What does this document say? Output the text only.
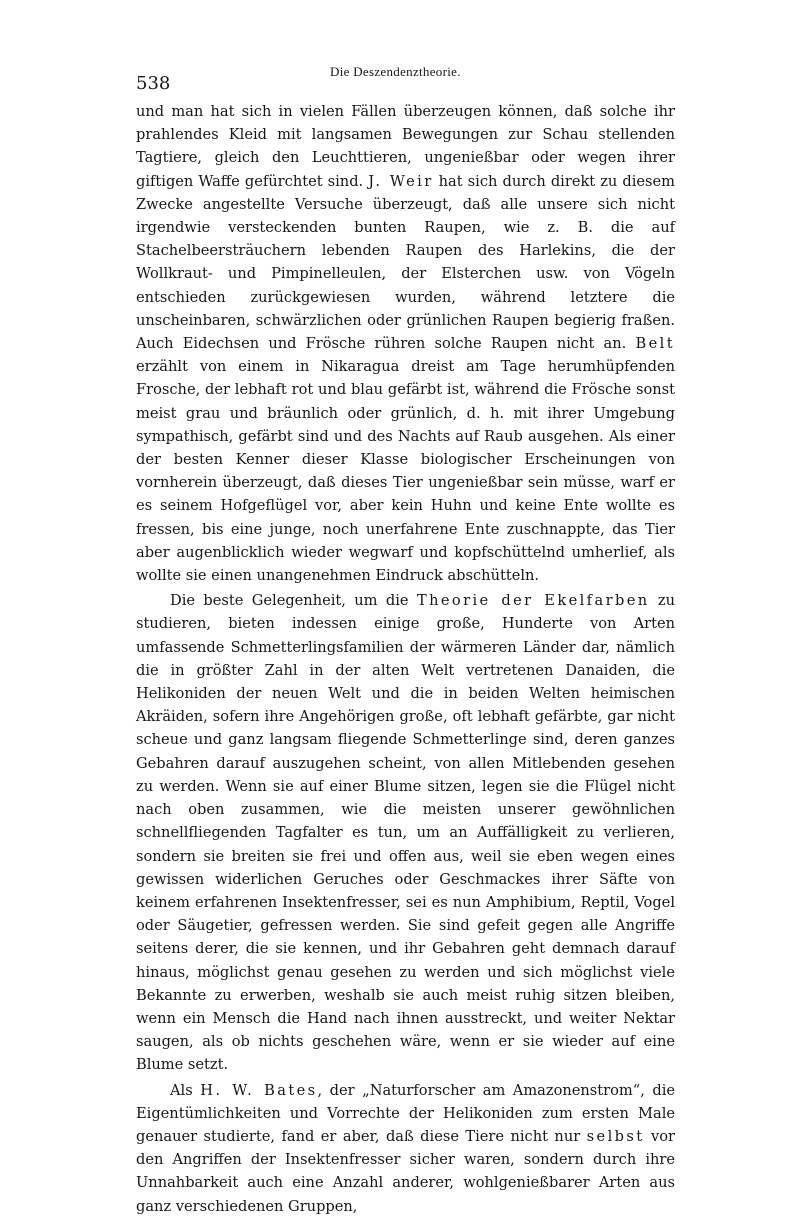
538
Die Deszendenztheorie.

und man hat sich in vielen Fällen überzeugen können, daß solche ihr prahlendes Kleid mit langsamen Bewegungen zur Schau stellenden Tagtiere, gleich den Leuchttieren, ungenießbar oder wegen ihrer giftigen Waffe gefürchtet sind. J. Weir hat sich durch direkt zu diesem Zwecke angestellte Versuche überzeugt, daß alle unsere sich nicht irgendwie versteckenden bunten Raupen, wie z. B. die auf Stachelbeersträuchern lebenden Raupen des Harlekins, die der Wollkraut- und Pimpinelleulen, der Elsterchen usw. von Vögeln entschieden zurückgewiesen wurden, während letztere die unscheinbaren, schwärzlichen oder grünlichen Raupen begierig fraßen. Auch Eidechsen und Frösche rühren solche Raupen nicht an. Belt erzählt von einem in Nikaragua dreist am Tage herumhüpfenden Frosche, der lebhaft rot und blau gefärbt ist, während die Frösche sonst meist grau und bräunlich oder grünlich, d. h. mit ihrer Umgebung sympathisch, gefärbt sind und des Nachts auf Raub ausgehen. Als einer der besten Kenner dieser Klasse biologischer Erscheinungen von vornherein überzeugt, daß dieses Tier ungenießbar sein müsse, warf er es seinem Hofgeflügel vor, aber kein Huhn und keine Ente wollte es fressen, bis eine junge, noch unerfahrene Ente zuschnappte, das Tier aber augenblicklich wieder wegwarf und kopfschüttelnd umherlief, als wollte sie einen unangenehmen Eindruck abschütteln.

Die beste Gelegenheit, um die Theorie der Ekelfarben zu studieren, bieten indessen einige große, Hunderte von Arten umfassende Schmetterlingsfamilien der wärmeren Länder dar, nämlich die in größter Zahl in der alten Welt vertretenen Danaiden, die Helikoniden der neuen Welt und die in beiden Welten heimischen Akräiden, sofern ihre Angehörigen große, oft lebhaft gefärbte, gar nicht scheue und ganz langsam fliegende Schmetterlinge sind, deren ganzes Gebahren darauf auszugehen scheint, von allen Mitlebenden gesehen zu werden. Wenn sie auf einer Blume sitzen, legen sie die Flügel nicht nach oben zusammen, wie die meisten unserer gewöhnlichen schnellfliegenden Tagfalter es tun, um an Auffälligkeit zu verlieren, sondern sie breiten sie frei und offen aus, weil sie eben wegen eines gewissen widerlichen Geruches oder Geschmackes ihrer Säfte von keinem erfahrenen Insektenfresser, sei es nun Amphibium, Reptil, Vogel oder Säugetier, gefressen werden. Sie sind gefeit gegen alle Angriffe seitens derer, die sie kennen, und ihr Gebahren geht demnach darauf hinaus, möglichst genau gesehen zu werden und sich möglichst viele Bekannte zu erwerben, weshalb sie auch meist ruhig sitzen bleiben, wenn ein Mensch die Hand nach ihnen ausstreckt, und weiter Nektar saugen, als ob nichts geschehen wäre, wenn er sie wieder auf eine Blume setzt.

Als H. W. Bates, der „Naturforscher am Amazonenstrom“, die Eigentümlichkeiten und Vorrechte der Helikoniden zum ersten Male genauer studierte, fand er aber, daß diese Tiere nicht nur selbst vor den Angriffen der Insektenfresser sicher waren, sondern durch ihre Unnahbarkeit auch eine Anzahl anderer, wohlgenießbarer Arten aus ganz verschiedenen Gruppen,
